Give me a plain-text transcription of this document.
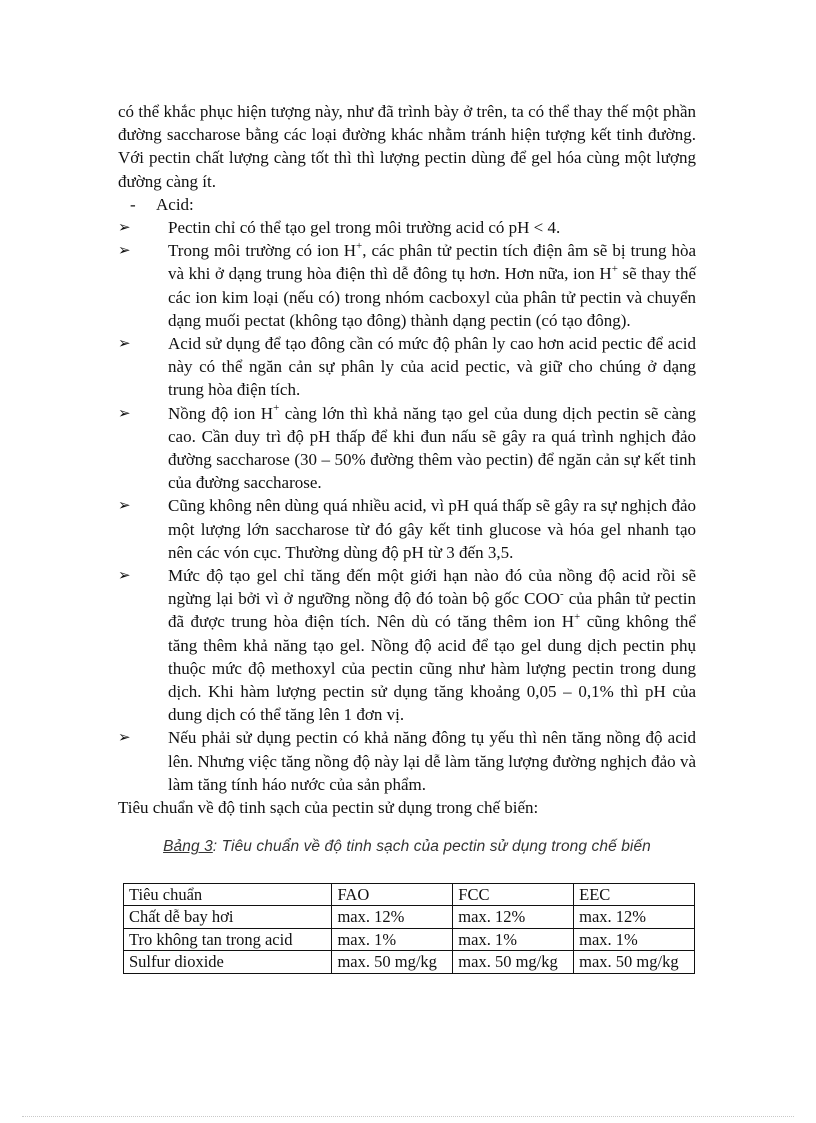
có thể khắc phục hiện tượng này, như đã trình bày ở trên, ta có thể thay thế một phần đường saccharose bằng các loại đường khác nhằm tránh hiện tượng kết tinh đường. Với pectin chất lượng càng tốt thì thì lượng pectin dùng để gel hóa cùng một lượng đường càng ít.

- Acid:
➢	Pectin chỉ có thể tạo gel trong môi trường acid có pH < 4.
➢	Trong môi trường có ion H+, các phân tử pectin tích điện âm sẽ bị trung hòa và khi ở dạng trung hòa điện thì dễ đông tụ hơn. Hơn nữa, ion H+ sẽ thay thế các ion kim loại (nếu có) trong nhóm cacboxyl của phân tử pectin và chuyển dạng muối pectat (không tạo đông) thành dạng pectin (có tạo đông).
➢	Acid sử dụng để tạo đông cần có mức độ phân ly cao hơn acid pectic để acid này có thể ngăn cản sự phân ly của acid pectic, và giữ cho chúng ở dạng trung hòa điện tích.
➢	Nồng độ ion H+ càng lớn thì khả năng tạo gel của dung dịch pectin sẽ càng cao. Cần duy trì độ pH thấp để khi đun nấu sẽ gây ra quá trình nghịch đảo đường saccharose (30 – 50% đường thêm vào pectin) để ngăn cản sự kết tinh của đường saccharose.
➢	Cũng không nên dùng quá nhiều acid, vì pH quá thấp sẽ gây ra sự nghịch đảo một lượng lớn saccharose từ đó gây kết tinh glucose và hóa gel nhanh tạo nên các vón cục. Thường dùng độ pH từ 3 đến 3,5.
➢	Mức độ tạo gel chỉ tăng đến một giới hạn nào đó của nồng độ acid rồi sẽ ngừng lại bởi vì ở ngưỡng nồng độ đó toàn bộ gốc COO- của phân tử pectin đã được trung hòa điện tích. Nên dù có tăng thêm ion H+ cũng không thể tăng thêm khả năng tạo gel. Nồng độ acid để tạo gel dung dịch pectin phụ thuộc mức độ methoxyl của pectin cũng như hàm lượng pectin trong dung dịch. Khi hàm lượng pectin sử dụng tăng khoảng 0,05 – 0,1% thì pH của dung dịch có thể tăng lên 1 đơn vị.
➢	Nếu phải sử dụng pectin có khả năng đông tụ yếu thì nên tăng nồng độ acid lên. Nhưng việc tăng nồng độ này lại dễ làm tăng lượng đường nghịch đảo và làm tăng tính háo nước của sản phẩm.

Tiêu chuẩn về độ tinh sạch của pectin sử dụng trong chế biến:

Bảng 3: Tiêu chuẩn về độ tinh sạch của pectin sử dụng trong chế biến
Tiêu chuẩn	FAO	FCC	EEC
Chất dễ bay hơi	max. 12%	max. 12%	max. 12%
Tro không tan trong acid	max. 1%	max. 1%	max. 1%
Sulfur dioxide	max. 50 mg/kg	max. 50 mg/kg	max. 50 mg/kg
